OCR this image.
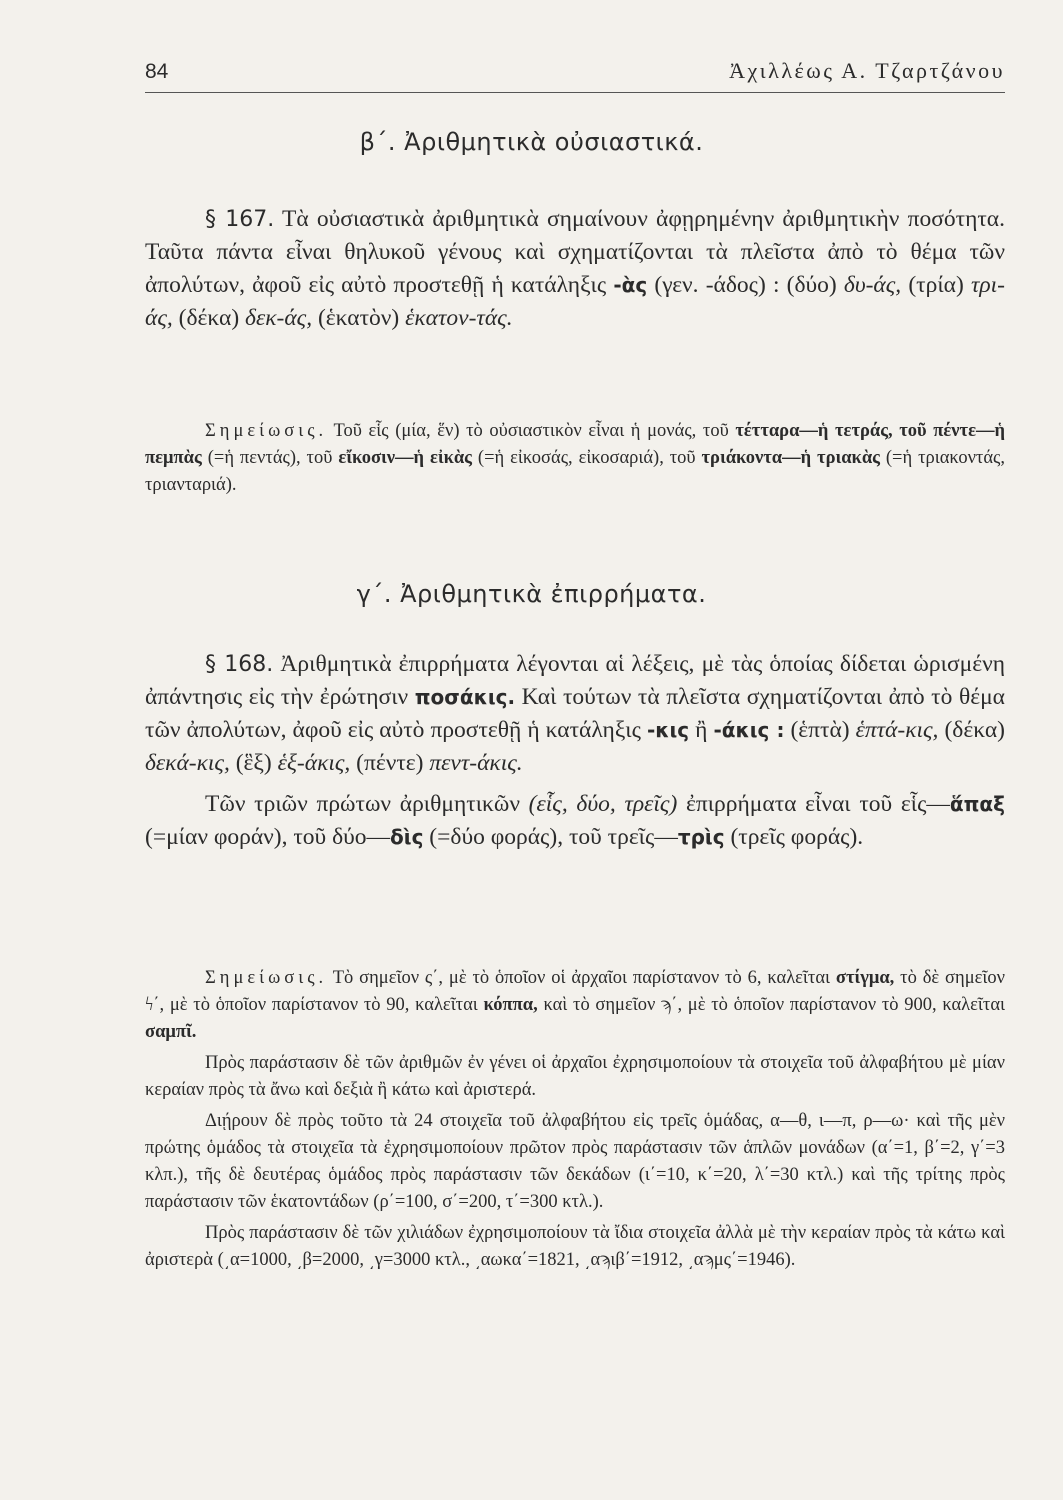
84	Ἀχιλλέως Α. Τζαρτζάνου
β΄. Ἀριθμητικὰ οὐσιαστικά.

§ 167. Τὰ οὐσιαστικὰ ἀριθμητικὰ σημαίνουν ἀφῃρημένην ἀριθμητικὴν ποσότητα. Ταῦτα πάντα εἶναι θηλυκοῦ γένους καὶ σχηματίζονται τὰ πλεῖστα ἀπὸ τὸ θέμα τῶν ἀπολύτων, ἀφοῦ εἰς αὐτὸ προστεθῇ ἡ κατάληξις -ὰς (γεν. -άδος) : (δύο) δυ-άς, (τρία) τρι-άς, (δέκα) δεκ-άς, (ἑκατὸν) ἑκατον-τάς.

Σημείωσις. Τοῦ εἷς (μία, ἕν) τὸ οὐσιαστικὸν εἶναι ἡ μονάς, τοῦ τέτταρα—ἡ τετράς, τοῦ πέντε—ἡ πεμπὰς (=ἡ πεντάς), τοῦ εἴκοσιν—ἡ εἰκὰς (=ἡ εἰκοσάς, εἰκοσαριά), τοῦ τριάκοντα—ἡ τριακὰς (=ἡ τριακοντάς, τριανταριά).

γ΄. Ἀριθμητικὰ ἐπιρρήματα.

§ 168. Ἀριθμητικὰ ἐπιρρήματα λέγονται αἱ λέξεις, μὲ τὰς ὁποίας δίδεται ὡρισμένη ἀπάντησις εἰς τὴν ἐρώτησιν ποσάκις. Καὶ τούτων τὰ πλεῖστα σχηματίζονται ἀπὸ τὸ θέμα τῶν ἀπολύτων, ἀφοῦ εἰς αὐτὸ προστεθῇ ἡ κατάληξις -κις ἢ -άκις : (ἑπτὰ) ἑπτά-κις, (δέκα) δεκά-κις, (ἓξ) ἑξ-άκις, (πέντε) πεντ-άκις.

Τῶν τριῶν πρώτων ἀριθμητικῶν (εἷς, δύο, τρεῖς) ἐπιρρήματα εἶναι τοῦ εἷς—ἅπαξ (=μίαν φοράν), τοῦ δύο—δὶς (=δύο φοράς), τοῦ τρεῖς—τρὶς (τρεῖς φοράς).

Σημείωσις. Τὸ σημεῖον ς΄, μὲ τὸ ὁποῖον οἱ ἀρχαῖοι παρίστανον τὸ 6, καλεῖται στίγμα, τὸ δὲ σημεῖον ϟ΄, μὲ τὸ ὁποῖον παρίστανον τὸ 90, καλεῖται κόππα, καὶ τὸ σημεῖον ϡ΄, μὲ τὸ ὁποῖον παρίστανον τὸ 900, καλεῖται σαμπῖ.

Πρὸς παράστασιν δὲ τῶν ἀριθμῶν ἐν γένει οἱ ἀρχαῖοι ἐχρησιμοποίουν τὰ στοιχεῖα τοῦ ἀλφαβήτου μὲ μίαν κεραίαν πρὸς τὰ ἄνω καὶ δεξιὰ ἢ κάτω καὶ ἀριστερά.

Διῄρουν δὲ πρὸς τοῦτο τὰ 24 στοιχεῖα τοῦ ἀλφαβήτου εἰς τρεῖς ὁμάδας, α—θ, ι—π, ρ—ω· καὶ τῆς μὲν πρώτης ὁμάδος τὰ στοιχεῖα τὰ ἐχρησιμοποίουν πρῶτον πρὸς παράστασιν τῶν ἁπλῶν μονάδων (α΄=1, β΄=2, γ΄=3 κλπ.), τῆς δὲ δευτέρας ὁμάδος πρὸς παράστασιν τῶν δεκάδων (ι΄=10, κ΄=20, λ΄=30 κτλ.) καὶ τῆς τρίτης πρὸς παράστασιν τῶν ἑκατοντάδων (ρ΄=100, σ΄=200, τ΄=300 κτλ.).

Πρὸς παράστασιν δὲ τῶν χιλιάδων ἐχρησιμοποίουν τὰ ἴδια στοιχεῖα ἀλλὰ μὲ τὴν κεραίαν πρὸς τὰ κάτω καὶ ἀριστερὰ (͵α=1000, ͵β=2000, ͵γ=3000 κτλ., ͵αωκα΄=1821, ͵αϡιβ΄=1912, ͵αϡμς΄=1946).
